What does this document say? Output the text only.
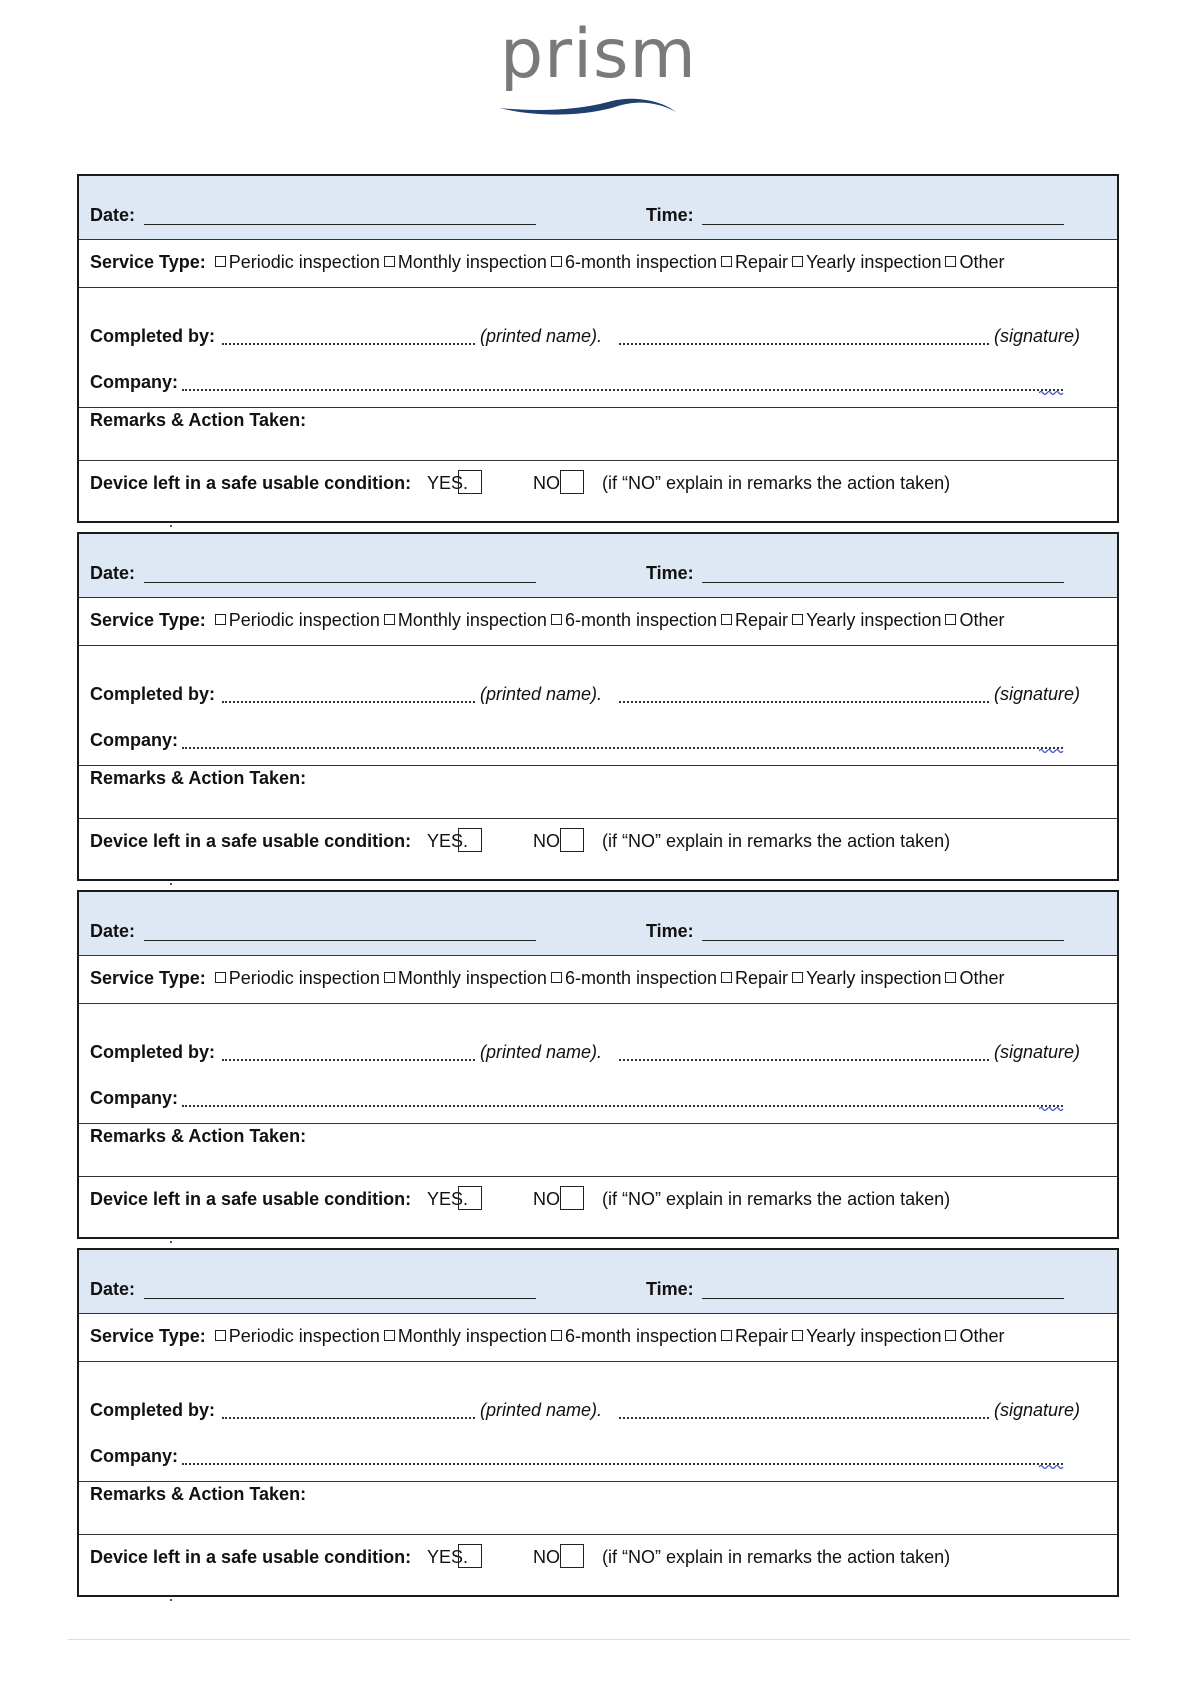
prism
Date:	Time:
Service Type: Periodic inspection Monthly inspection 6-month inspection Repair Yearly inspection Other
Completed by:	(printed name).	(signature)
Company:
Remarks & Action Taken:
Device left in a safe usable condition: YES.	NO (if “NO” explain in remarks the action taken)
Date:	Time:
Service Type: Periodic inspection Monthly inspection 6-month inspection Repair Yearly inspection Other
Completed by:	(printed name).	(signature)
Company:
Remarks & Action Taken:
Device left in a safe usable condition: YES.	NO (if “NO” explain in remarks the action taken)
Date:	Time:
Service Type: Periodic inspection Monthly inspection 6-month inspection Repair Yearly inspection Other
Completed by:	(printed name).	(signature)
Company:
Remarks & Action Taken:
Device left in a safe usable condition: YES.	NO (if “NO” explain in remarks the action taken)
Date:	Time:
Service Type: Periodic inspection Monthly inspection 6-month inspection Repair Yearly inspection Other
Completed by:	(printed name).	(signature)
Company:
Remarks & Action Taken:
Device left in a safe usable condition: YES.	NO (if “NO” explain in remarks the action taken)
